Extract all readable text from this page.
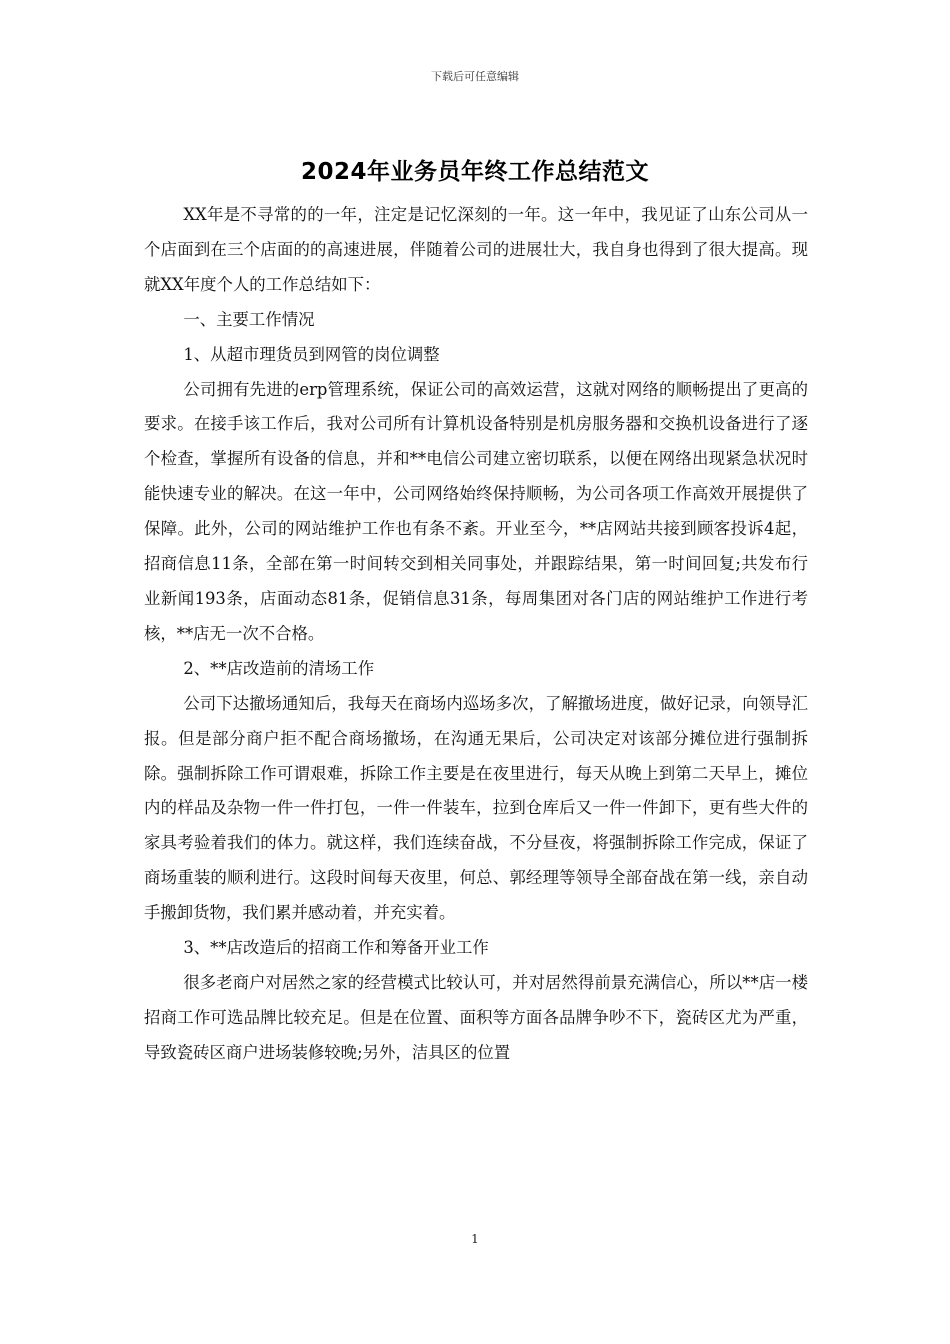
下载后可任意编辑
2024年业务员年终工作总结范文

XX年是不寻常的的一年，注定是记忆深刻的一年。这一年中，我见证了山东公司从一个店面到在三个店面的的高速进展，伴随着公司的进展壮大，我自身也得到了很大提高。现就XX年度个人的工作总结如下：

一、主要工作情况

1、从超市理货员到网管的岗位调整

公司拥有先进的erp管理系统，保证公司的高效运营，这就对网络的顺畅提出了更高的要求。在接手该工作后，我对公司所有计算机设备特别是机房服务器和交换机设备进行了逐个检查，掌握所有设备的信息，并和**电信公司建立密切联系，以便在网络出现紧急状况时能快速专业的解决。在这一年中，公司网络始终保持顺畅，为公司各项工作高效开展提供了保障。此外，公司的网站维护工作也有条不紊。开业至今，**店网站共接到顾客投诉4起，招商信息11条，全部在第一时间转交到相关同事处，并跟踪结果，第一时间回复;共发布行业新闻193条，店面动态81条，促销信息31条，每周集团对各门店的网站维护工作进行考核，**店无一次不合格。

2、**店改造前的清场工作

公司下达撤场通知后，我每天在商场内巡场多次，了解撤场进度，做好记录，向领导汇报。但是部分商户拒不配合商场撤场，在沟通无果后，公司决定对该部分摊位进行强制拆除。强制拆除工作可谓艰难，拆除工作主要是在夜里进行，每天从晚上到第二天早上，摊位内的样品及杂物一件一件打包，一件一件装车，拉到仓库后又一件一件卸下，更有些大件的家具考验着我们的体力。就这样，我们连续奋战，不分昼夜，将强制拆除工作完成，保证了商场重装的顺利进行。这段时间每天夜里，何总、郭经理等领导全部奋战在第一线，亲自动手搬卸货物，我们累并感动着，并充实着。

3、**店改造后的招商工作和筹备开业工作

很多老商户对居然之家的经营模式比较认可，并对居然得前景充满信心，所以**店一楼招商工作可选品牌比较充足。但是在位置、面积等方面各品牌争吵不下，瓷砖区尤为严重，导致瓷砖区商户进场装修较晚;另外，洁具区的位置

1
